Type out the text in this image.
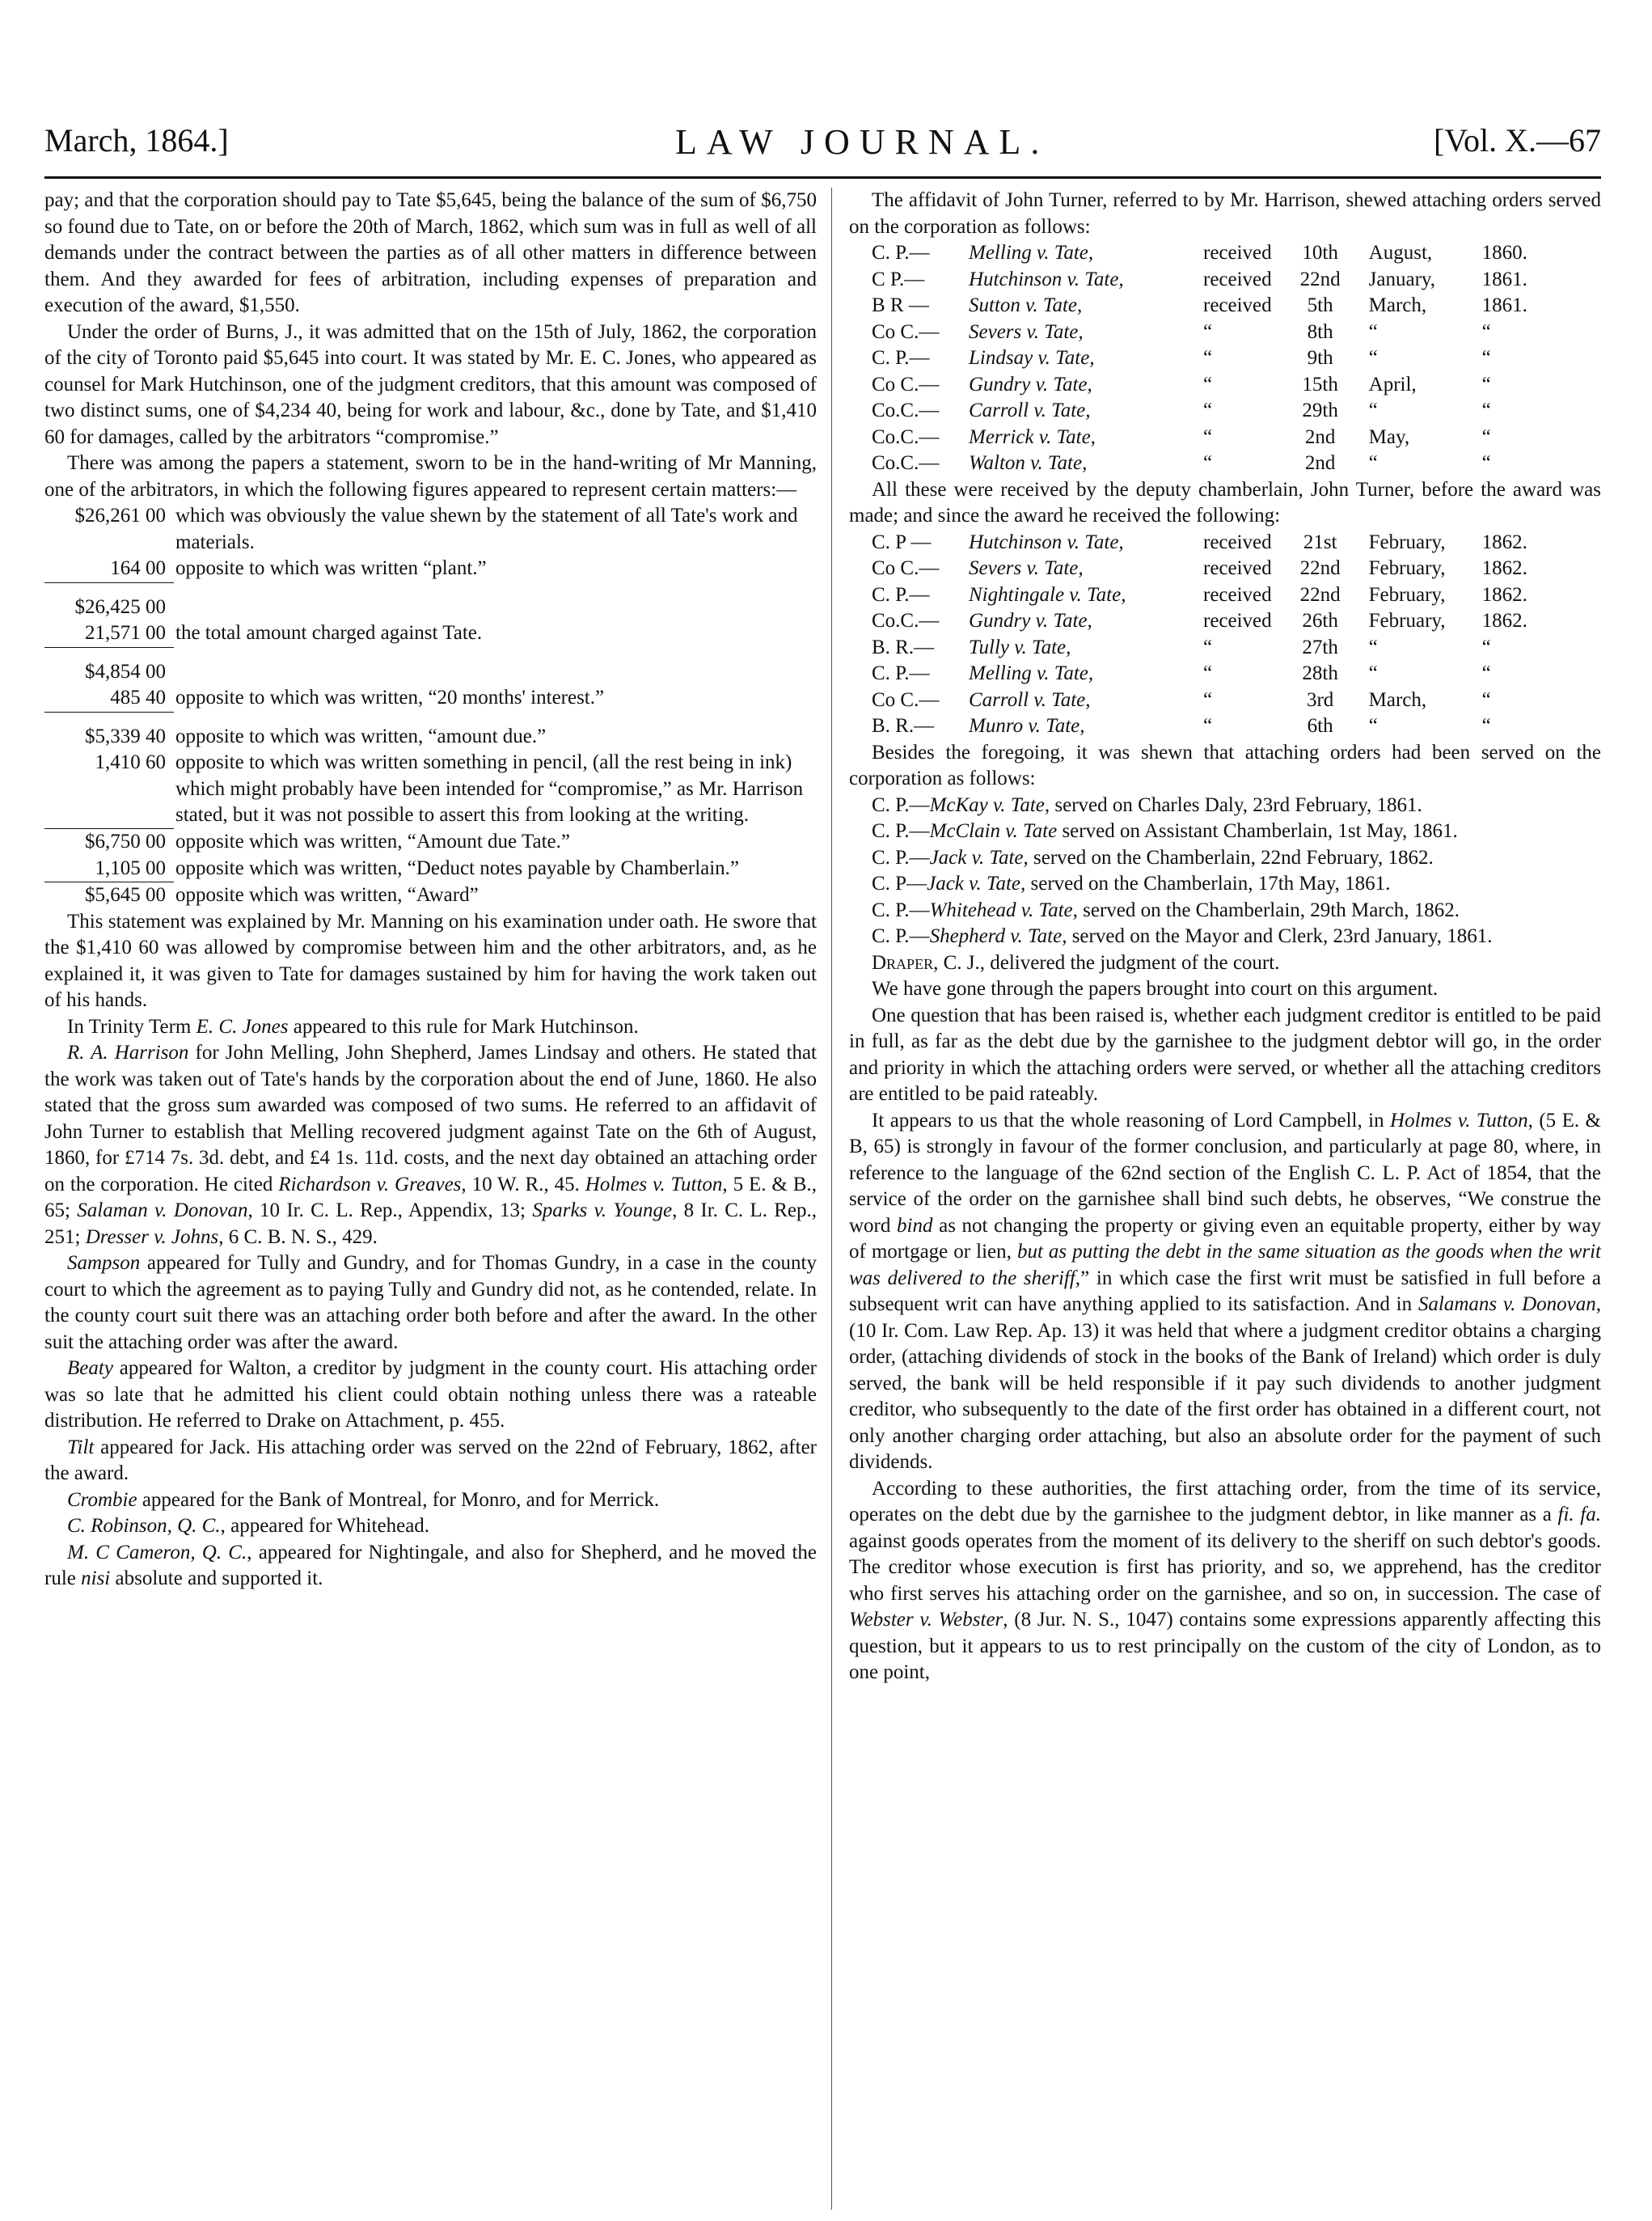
March, 1864.]	LAW JOURNAL.	[Vol. X.—67

pay; and that the corporation should pay to Tate $5,645, being the balance of the sum of $6,750 so found due to Tate, on or before the 20th of March, 1862, which sum was in full as well of all demands under the contract between the parties as of all other matters in difference between them. And they awarded for fees of arbitration, including expenses of preparation and execution of the award, $1,550.

Under the order of Burns, J., it was admitted that on the 15th of July, 1862, the corporation of the city of Toronto paid $5,645 into court. It was stated by Mr. E. C. Jones, who appeared as counsel for Mark Hutchinson, one of the judgment creditors, that this amount was composed of two distinct sums, one of $4,234 40, being for work and labour, &c., done by Tate, and $1,410 60 for damages, called by the arbitrators “compromise.”

There was among the papers a statement, sworn to be in the hand-writing of Mr Manning, one of the arbitrators, in which the following figures appeared to represent certain matters:—

$26,261 00	which was obviously the value shewn by the statement of all Tate's work and materials.
164 00	opposite to which was written “plant.”

$26,425 00	
21,571 00	the total amount charged against Tate.

$4,854 00	
485 40	opposite to which was written, “20 months' interest.”

$5,339 40	opposite to which was written, “amount due.”
1,410 60	opposite to which was written something in pencil, (all the rest being in ink) which might probably have been intended for “compromise,” as Mr. Harrison stated, but it was not possible to assert this from looking at the writing.
$6,750 00	opposite which was written, “Amount due Tate.”
1,105 00	opposite which was written, “Deduct notes payable by Chamberlain.”
$5,645 00	opposite which was written, “Award”

This statement was explained by Mr. Manning on his examination under oath. He swore that the $1,410 60 was allowed by compromise between him and the other arbitrators, and, as he explained it, it was given to Tate for damages sustained by him for having the work taken out of his hands.

In Trinity Term E. C. Jones appeared to this rule for Mark Hutchinson.

R. A. Harrison for John Melling, John Shepherd, James Lindsay and others. He stated that the work was taken out of Tate's hands by the corporation about the end of June, 1860. He also stated that the gross sum awarded was composed of two sums. He referred to an affidavit of John Turner to establish that Melling recovered judgment against Tate on the 6th of August, 1860, for £714 7s. 3d. debt, and £4 1s. 11d. costs, and the next day obtained an attaching order on the corporation. He cited Richardson v. Greaves, 10 W. R., 45. Holmes v. Tutton, 5 E. & B., 65; Salaman v. Donovan, 10 Ir. C. L. Rep., Appendix, 13; Sparks v. Younge, 8 Ir. C. L. Rep., 251; Dresser v. Johns, 6 C. B. N. S., 429.

Sampson appeared for Tully and Gundry, and for Thomas Gundry, in a case in the county court to which the agreement as to paying Tully and Gundry did not, as he contended, relate. In the county court suit there was an attaching order both before and after the award. In the other suit the attaching order was after the award.

Beaty appeared for Walton, a creditor by judgment in the county court. His attaching order was so late that he admitted his client could obtain nothing unless there was a rateable distribution. He referred to Drake on Attachment, p. 455.

Tilt appeared for Jack. His attaching order was served on the 22nd of February, 1862, after the award.

Crombie appeared for the Bank of Montreal, for Monro, and for Merrick.

C. Robinson, Q. C., appeared for Whitehead.

M. C Cameron, Q. C., appeared for Nightingale, and also for Shepherd, and he moved the rule nisi absolute and supported it.

The affidavit of John Turner, referred to by Mr. Harrison, shewed attaching orders served on the corporation as follows:

C. P.—	Melling v. Tate,	received	10th	August,	1860.
C P.—	Hutchinson v. Tate,	received	22nd	January,	1861.
B R —	Sutton v. Tate,	received	5th	March,	1861.
Co C.—	Severs v. Tate,	“	8th	“	“
C. P.—	Lindsay v. Tate,	“	9th	“	“
Co C.—	Gundry v. Tate,	“	15th	April,	“
Co.C.—	Carroll v. Tate,	“	29th	“	“
Co.C.—	Merrick v. Tate,	“	2nd	May,	“
Co.C.—	Walton v. Tate,	“	2nd	“	“

All these were received by the deputy chamberlain, John Turner, before the award was made; and since the award he received the following:

C. P —	Hutchinson v. Tate,	received	21st	February,	1862.
Co C.—	Severs v. Tate,	received	22nd	February,	1862.
C. P.—	Nightingale v. Tate,	received	22nd	February,	1862.
Co.C.—	Gundry v. Tate,	received	26th	February,	1862.
B. R.—	Tully v. Tate,	“	27th	“	“
C. P.—	Melling v. Tate,	“	28th	“	“
Co C.—	Carroll v. Tate,	“	3rd	March,	“
B. R.—	Munro v. Tate,	“	6th	“	“

Besides the foregoing, it was shewn that attaching orders had been served on the corporation as follows:

C. P.—McKay v. Tate, served on Charles Daly, 23rd February, 1861.

C. P.—McClain v. Tate served on Assistant Chamberlain, 1st May, 1861.

C. P.—Jack v. Tate, served on the Chamberlain, 22nd February, 1862.

C. P—Jack v. Tate, served on the Chamberlain, 17th May, 1861.

C. P.—Whitehead v. Tate, served on the Chamberlain, 29th March, 1862.

C. P.—Shepherd v. Tate, served on the Mayor and Clerk, 23rd January, 1861.

Draper, C. J., delivered the judgment of the court.

We have gone through the papers brought into court on this argument.

One question that has been raised is, whether each judgment creditor is entitled to be paid in full, as far as the debt due by the garnishee to the judgment debtor will go, in the order and priority in which the attaching orders were served, or whether all the attaching creditors are entitled to be paid rateably.

It appears to us that the whole reasoning of Lord Campbell, in Holmes v. Tutton, (5 E. & B, 65) is strongly in favour of the former conclusion, and particularly at page 80, where, in reference to the language of the 62nd section of the English C. L. P. Act of 1854, that the service of the order on the garnishee shall bind such debts, he observes, “We construe the word bind as not changing the property or giving even an equitable property, either by way of mortgage or lien, but as putting the debt in the same situation as the goods when the writ was delivered to the sheriff,” in which case the first writ must be satisfied in full before a subsequent writ can have anything applied to its satisfaction. And in Salamans v. Donovan, (10 Ir. Com. Law Rep. Ap. 13) it was held that where a judgment creditor obtains a charging order, (attaching dividends of stock in the books of the Bank of Ireland) which order is duly served, the bank will be held responsible if it pay such dividends to another judgment creditor, who subsequently to the date of the first order has obtained in a different court, not only another charging order attaching, but also an absolute order for the payment of such dividends.

According to these authorities, the first attaching order, from the time of its service, operates on the debt due by the garnishee to the judgment debtor, in like manner as a fi. fa. against goods operates from the moment of its delivery to the sheriff on such debtor's goods. The creditor whose execution is first has priority, and so, we apprehend, has the creditor who first serves his attaching order on the garnishee, and so on, in succession. The case of Webster v. Webster, (8 Jur. N. S., 1047) contains some expressions apparently affecting this question, but it appears to us to rest principally on the custom of the city of London, as to one point,
